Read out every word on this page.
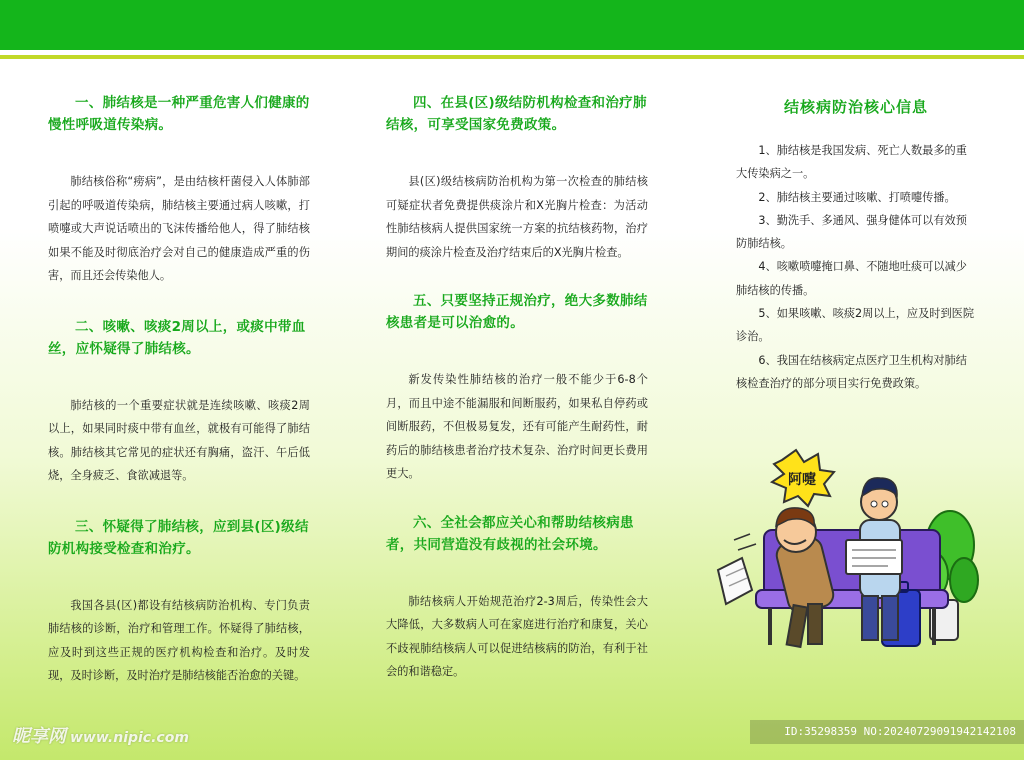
一、肺结核是一种严重危害人们健康的慢性呼吸道传染病。

肺结核俗称“痨病”，是由结核杆菌侵入人体肺部引起的呼吸道传染病，肺结核主要通过病人咳嗽，打喷嚏或大声说话喷出的飞沫传播给他人，得了肺结核如果不能及时彻底治疗会对自己的健康造成严重的伤害，而且还会传染他人。

二、咳嗽、咳痰2周以上，或痰中带血丝，应怀疑得了肺结核。

肺结核的一个重要症状就是连续咳嗽、咳痰2周以上，如果同时痰中带有血丝，就极有可能得了肺结核。肺结核其它常见的症状还有胸痛，盗汗、午后低烧，全身疲乏、食欲减退等。

三、怀疑得了肺结核，应到县(区)级结防机构接受检查和治疗。

我国各县(区)都设有结核病防治机构、专门负责肺结核的诊断，治疗和管理工作。怀疑得了肺结核，应及时到这些正规的医疗机构检查和治疗。及时发现，及时诊断，及时治疗是肺结核能否治愈的关键。

四、在县(区)级结防机构检查和治疗肺结核，可享受国家免费政策。

县(区)级结核病防治机构为第一次检查的肺结核可疑症状者免费提供痰涂片和X光胸片检查：为活动性肺结核病人提供国家统一方案的抗结核药物，治疗期间的痰涂片检查及治疗结束后的X光胸片检查。

五、只要坚持正规治疗，绝大多数肺结核患者是可以治愈的。

新发传染性肺结核的治疗一般不能少于6-8个月，而且中途不能漏服和间断服药，如果私自停药或间断服药，不但极易复发，还有可能产生耐药性，耐药后的肺结核患者治疗技术复杂、治疗时间更长费用更大。

六、全社会都应关心和帮助结核病患者，共同营造没有歧视的社会环境。

肺结核病人开始规范治疗2-3周后，传染性会大大降低，大多数病人可在家庭进行治疗和康复，关心不歧视肺结核病人可以促进结核病的防治，有利于社会的和谐稳定。

结核病防治核心信息
1、肺结核是我国发病、死亡人数最多的重大传染病之一。
2、肺结核主要通过咳嗽、打喷嚏传播。
3、勤洗手、多通风、强身健体可以有效预防肺结核。
4、咳嗽喷嚏掩口鼻、不随地吐痰可以减少肺结核的传播。
5、如果咳嗽、咳痰2周以上，应及时到医院诊治。
6、我国在结核病定点医疗卫生机构对肺结核检查治疗的部分项目实行免费政策。
阿嚏
昵享网 www.nipic.com	ID:35298359 NO:20240729091942142108
